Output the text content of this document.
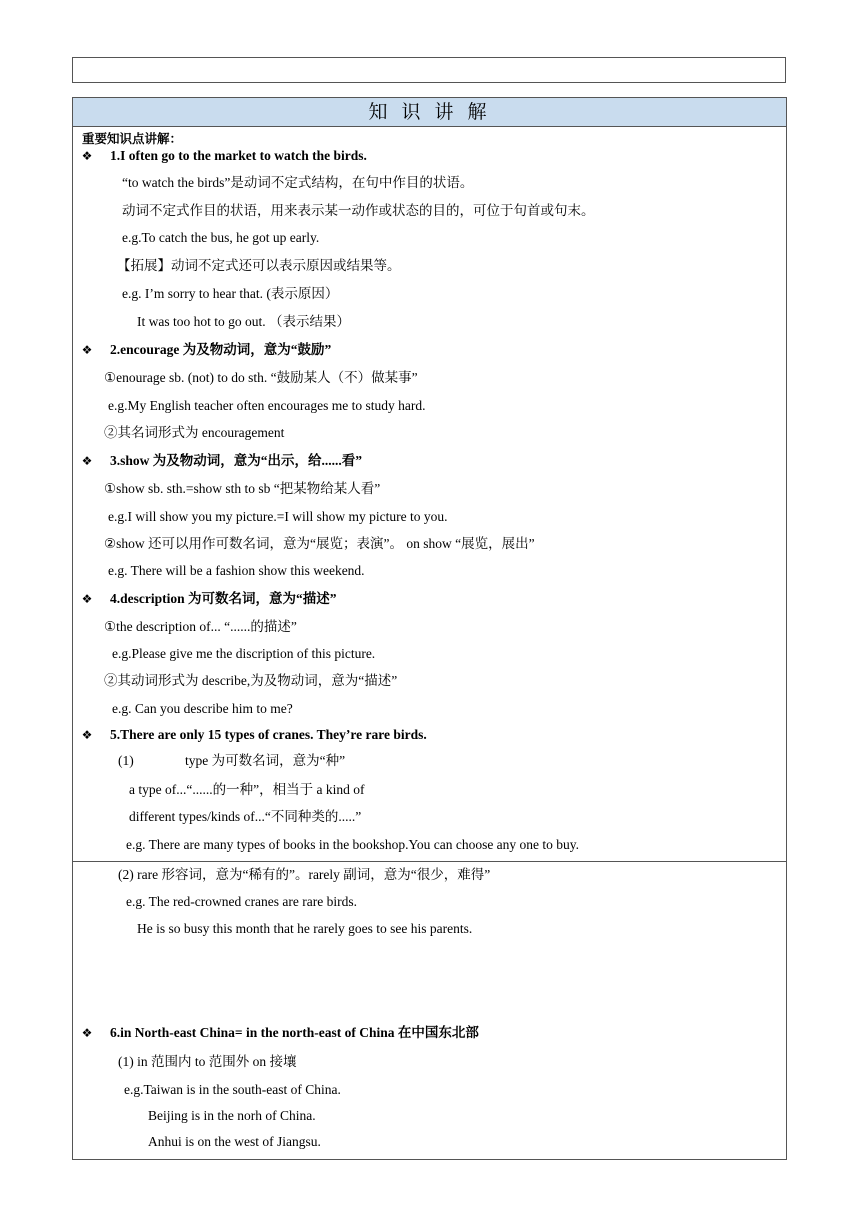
知 识 讲 解
重要知识点讲解：
❖ 1.I often go to the market to watch the birds.
“to watch the birds”是动词不定式结构，在句中作目的状语。
动词不定式作目的状语，用来表示某一动作或状态的目的，可位于句首或句末。
e.g.To catch the bus, he got up early.
【拓展】动词不定式还可以表示原因或结果等。
e.g. I’m sorry to hear that. (表示原因）
It was too hot to go out. （表示结果）
❖ 2.encourage 为及物动词，意为“鼓励”
①enourage sb. (not) to do sth. “鼓励某人（不）做某事”
e.g.My English teacher often encourages me to study hard.
②其名词形式为 encouragement
❖ 3.show 为及物动词，意为“出示，给......看”
①show sb. sth.=show sth to sb “把某物给某人看”
e.g.I will show you my picture.=I will show my picture to you.
②show 还可以用作可数名词，意为“展览；表演”。 on show “展览，展出”
e.g. There will be a fashion show this weekend.
❖ 4.description 为可数名词，意为“描述”
①the description of... “......的描述”
e.g.Please give me the discription of this picture.
②其动词形式为 describe,为及物动词，意为“描述”
e.g. Can you describe him to me?
❖ 5.There are only 15 types of cranes. They’re rare birds.
(1)	type 为可数名词，意为“种”
a type of...“......的一种”，相当于 a kind of
different types/kinds of...“不同种类的.....”
e.g. There are many types of books in the bookshop.You can choose any one to buy.
(2) rare 形容词，意为“稀有的”。rarely 副词，意为“很少，难得”
e.g. The red-crowned cranes are rare birds.
He is so busy this month that he rarely goes to see his parents.
❖ 6.in North-east China= in the north-east of China 在中国东北部
(1) in 范围内 to 范围外 on 接壤
e.g.Taiwan is in the south-east of China.
Beijing is in the norh of China.
Anhui is on the west of Jiangsu.
